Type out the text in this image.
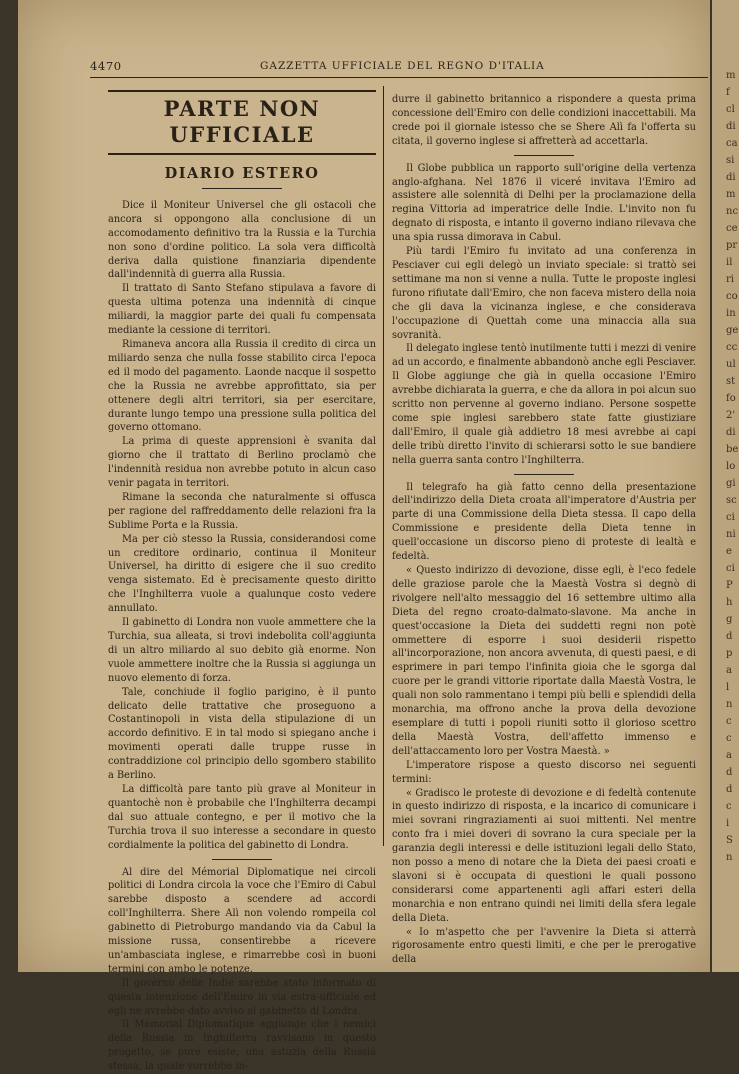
m
f
cl
di
ca
si
di
m
nc
ce
pr
il
ri
co
in
ge
cc
ul
st
fo
2'
di
be
lo
gi
sc
ci
ni
e
ci
P
h
g
d
p
a
l
n
c
c
a
d
d
c
i
S
n
4470	GAZZETTA UFFICIALE DEL REGNO D'ITALIA
PARTE NON UFFICIALE
DIARIO ESTERO

Dice il Moniteur Universel che gli ostacoli che ancora si oppongono alla conclusione di un accomodamento definitivo tra la Russia e la Turchia non sono d'ordine politico. La sola vera difficoltà deriva dalla quistione finanziaria dipendente dall'indennità di guerra alla Russia.

Il trattato di Santo Stefano stipulava a favore di questa ultima potenza una indennità di cinque miliardi, la maggior parte dei quali fu compensata mediante la cessione di territori.

Rimaneva ancora alla Russia il credito di circa un miliardo senza che nulla fosse stabilito circa l'epoca ed il modo del pagamento. Laonde nacque il sospetto che la Russia ne avrebbe approfittato, sia per ottenere degli altri territori, sia per esercitare, durante lungo tempo una pressione sulla politica del governo ottomano.

La prima di queste apprensioni è svanita dal giorno che il trattato di Berlino proclamò che l'indennità residua non avrebbe potuto in alcun caso venir pagata in territori.

Rimane la seconda che naturalmente si offusca per ragione del raffreddamento delle relazioni fra la Sublime Porta e la Russia.

Ma per ciò stesso la Russia, considerandosi come un creditore ordinario, continua il Moniteur Universel, ha diritto di esigere che il suo credito venga sistemato. Ed è precisamente questo diritto che l'Inghilterra vuole a qualunque costo vedere annullato.

Il gabinetto di Londra non vuole ammettere che la Turchia, sua alleata, si trovi indebolita coll'aggiunta di un altro miliardo al suo debito già enorme. Non vuole ammettere inoltre che la Russia si aggiunga un nuovo elemento di forza.

Tale, conchiude il foglio parigino, è il punto delicato delle trattative che proseguono a Costantinopoli in vista della stipulazione di un accordo definitivo. E in tal modo si spiegano anche i movimenti operati dalle truppe russe in contraddizione col principio dello sgombero stabilito a Berlino.

La difficoltà pare tanto più grave al Moniteur in quantochè non è probabile che l'Inghilterra decampi dal suo attuale contegno, e per il motivo che la Turchia trova il suo interesse a secondare in questo cordialmente la politica del gabinetto di Londra.

Al dire del Mémorial Diplomatique nei circoli politici di Londra circola la voce che l'Emiro di Cabul sarebbe disposto a scendere ad accordi coll'Inghilterra. Shere Alì non volendo rompeila col gabinetto di Pietroburgo mandando via da Cabul la missione russa, consentirebbe a ricevere un'ambasciata inglese, e rimarrebbe così in buoni termini con ambo le potenze.

Il governo delle Indie sarebbe stato informato di questa intenzione dell'Emiro in via estra-ufficiale ed egli ne avrebbe dato avviso al gabinetto di Londra.

Il Mémorial Diplomatique aggiunge che i nemici della Russia in Inghilterra ravvisano in questo progetto, se pure esiste, una astuzia della Russia stessa, la quale vorrebbe in-

durre il gabinetto britannico a rispondere a questa prima concessione dell'Emiro con delle condizioni inaccettabili. Ma crede poi il giornale istesso che se Shere Alì fa l'offerta su citata, il governo inglese si affretterà ad accettarla.

Il Globe pubblica un rapporto sull'origine della vertenza anglo-afghana. Nel 1876 il viceré invitava l'Emiro ad assistere alle solennità di Delhi per la proclamazione della regina Vittoria ad imperatrice delle Indie. L'invito non fu degnato di risposta, e intanto il governo indiano rilevava che una spia russa dimorava in Cabul.

Più tardi l'Emiro fu invitato ad una conferenza in Pesciaver cui egli delegò un inviato speciale: si trattò sei settimane ma non si venne a nulla. Tutte le proposte inglesi furono rifiutate dall'Emiro, che non faceva mistero della noia che gli dava la vicinanza inglese, e che considerava l'occupazione di Quettah come una minaccia alla sua sovranità.

Il delegato inglese tentò inutilmente tutti i mezzi di venire ad un accordo, e finalmente abbandonò anche egli Pesciaver. Il Globe aggiunge che già in quella occasione l'Emiro avrebbe dichiarata la guerra, e che da allora in poi alcun suo scritto non pervenne al governo indiano. Persone sospette come spie inglesi sarebbero state fatte giustiziare dall'Emiro, il quale già addietro 18 mesi avrebbe ai capi delle tribù diretto l'invito di schierarsi sotto le sue bandiere nella guerra santa contro l'Inghilterra.

Il telegrafo ha già fatto cenno della presentazione dell'indirizzo della Dieta croata all'imperatore d'Austria per parte di una Commissione della Dieta stessa. Il capo della Commissione e presidente della Dieta tenne in quell'occasione un discorso pieno di proteste di lealtà e fedeltà.

« Questo indirizzo di devozione, disse egli, è l'eco fedele delle graziose parole che la Maestà Vostra si degnò di rivolgere nell'alto messaggio del 16 settembre ultimo alla Dieta del regno croato-dalmato-slavone. Ma anche in quest'occasione la Dieta dei suddetti regni non potè ommettere di esporre i suoi desiderii rispetto all'incorporazione, non ancora avvenuta, di questi paesi, e di esprimere in pari tempo l'infinita gioia che le sgorga dal cuore per le grandi vittorie riportate dalla Maestà Vostra, le quali non solo rammentano i tempi più belli e splendidi della monarchia, ma offrono anche la prova della devozione esemplare di tutti i popoli riuniti sotto il glorioso scettro della Maestà Vostra, dell'affetto immenso e dell'attaccamento loro per Vostra Maestà. »

L'imperatore rispose a questo discorso nei seguenti termini:

« Gradisco le proteste di devozione e di fedeltà contenute in questo indirizzo di risposta, e la incarico di comunicare i miei sovrani ringraziamenti ai suoi mittenti. Nel mentre conto fra i miei doveri di sovrano la cura speciale per la garanzia degli interessi e delle istituzioni legali dello Stato, non posso a meno di notare che la Dieta dei paesi croati e slavoni si è occupata di questioni le quali possono considerarsi come appartenenti agli affari esteri della monarchia e non entrano quindi nei limiti della sfera legale della Dieta.

« Io m'aspetto che per l'avvenire la Dieta si atterrà rigorosamente entro questi limiti, e che per le prerogative della
